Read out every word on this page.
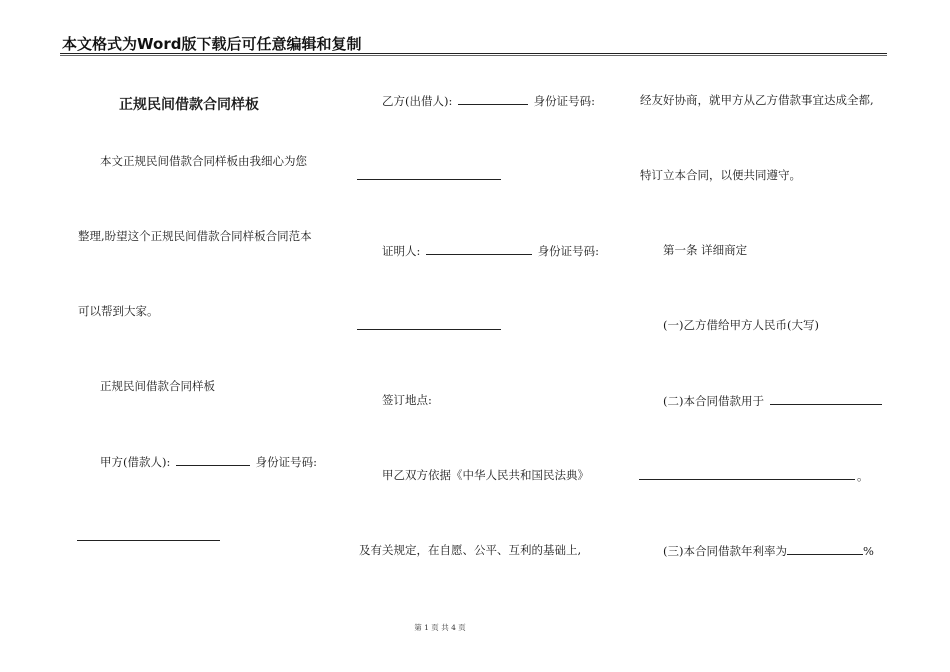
本文格式为Word版下载后可任意编辑和复制
正规民间借款合同样板
本文正规民间借款合同样板由我细心为您
整理,盼望这个正规民间借款合同样板合同范本
可以帮到大家。
正规民间借款合同样板
甲方(借款人):	身份证号码:
乙方(出借人):	身份证号码:
证明人:	身份证号码:
签订地点:
甲乙双方依据《中华人民共和国民法典》
及有关规定，在自愿、公平、互利的基础上,
经友好协商，就甲方从乙方借款事宜达成全都,
特订立本合同，以便共同遵守。
第一条 详细商定
(一)乙方借给甲方人民币(大写)
(二)本合同借款用于
。
(三)本合同借款年利率为	%
第 1 页 共 4 页
